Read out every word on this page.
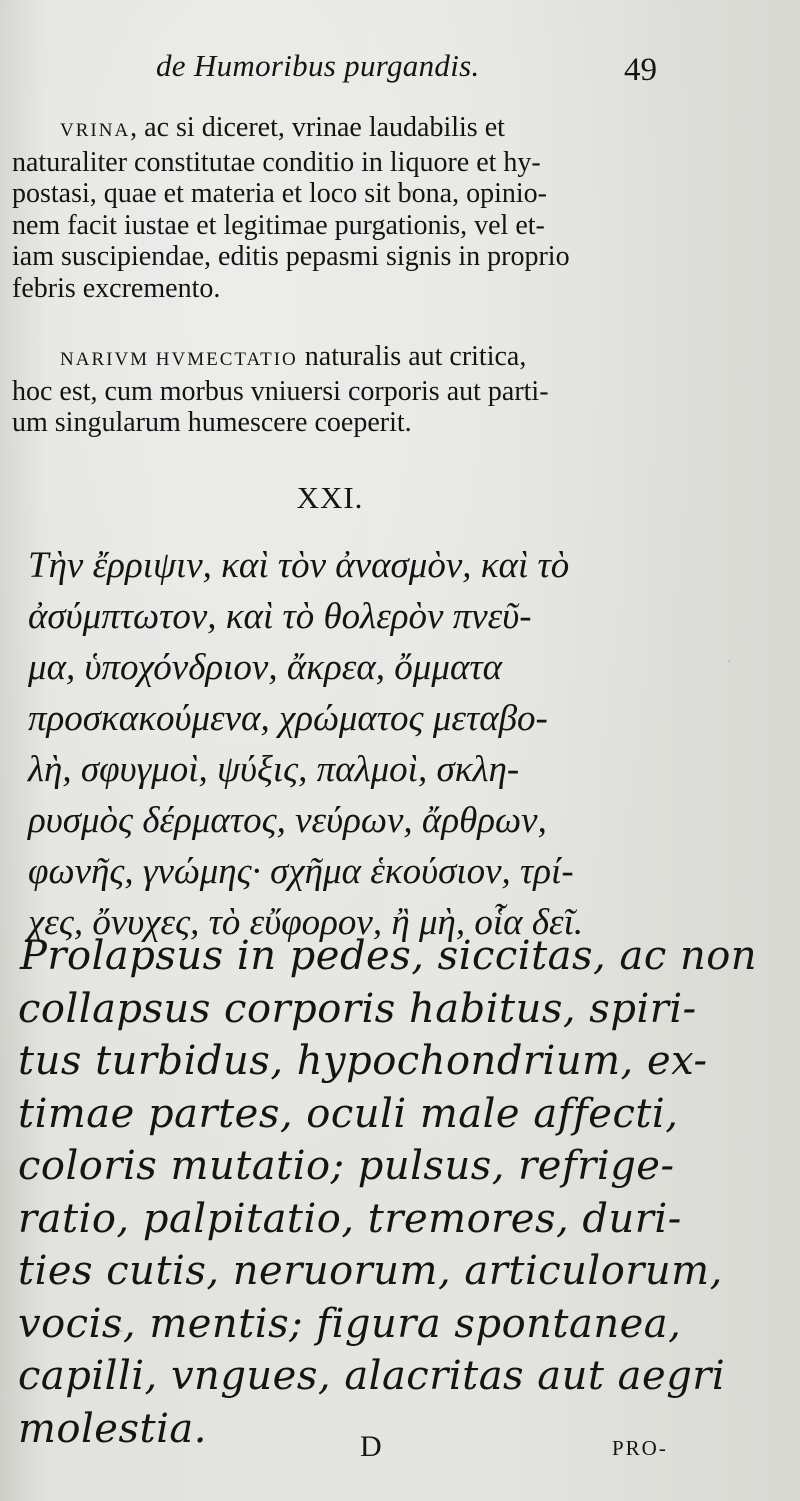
de Humoribus purgandis.	49
VRINA, ac si diceret, vrinae laudabilis et
naturaliter constitutae conditio in liquore et hy-
postasi, quae et materia et loco sit bona, opinio-
nem facit iustae et legitimae purgationis, vel et-
iam suscipiendae, editis pepasmi signis in proprio
febris excremento.
NARIVM HVMECTATIO naturalis aut critica,
hoc est, cum morbus vniuersi corporis aut parti-
um singularum humescere coeperit.
XXI.
Τὴν ἔρριψιν, καὶ τὸν ἀνασμὸν, καὶ τὸ
ἀσύμπτωτον, καὶ τὸ θολερὸν πνεῦ-
μα, ὑποχόνδριον, ἄκρεα, ὄμματα
προσκακούμενα, χρώματος μεταβο-
λὴ, σφυγμοὶ, ψύξις, παλμοὶ, σκλη-
ρυσμὸς δέρματος, νεύρων, ἄρθρων,
φωνῆς, γνώμης· σχῆμα ἑκούσιον, τρί-
χες, ὄνυχες, τὸ εὔφορον, ἢ μὴ, οἷα δεῖ.
Prolapsus in pedes, siccitas, ac non
collapsus corporis habitus, spiri-
tus turbidus, hypochondrium, ex-
timae partes, oculi male affecti,
coloris mutatio; pulsus, refrige-
ratio, palpitatio, tremores, duri-
ties cutis, neruorum, articulorum,
vocis, mentis; figura spontanea,
capilli, vngues, alacritas aut aegri
molestia.	D	PRO-
